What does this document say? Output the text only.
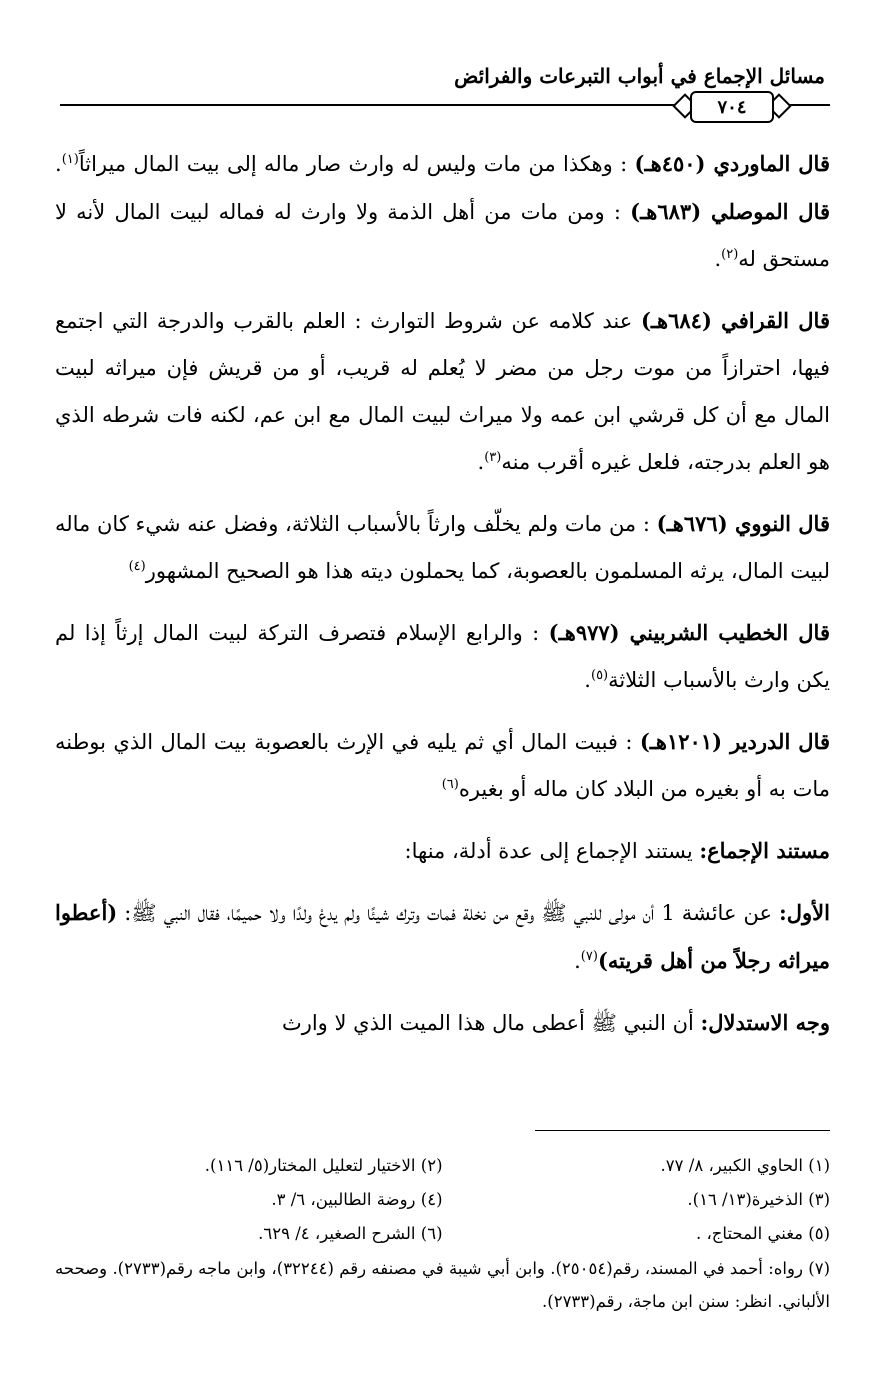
مسائل الإجماع في أبواب التبرعات والفرائض
٧٠٤

قال الماوردي (٤٥٠هـ) : وهكذا من مات وليس له وارث صار ماله إلى بيت المال ميراثاً$^{(١)}$. قال الموصلي (٦٨٣هـ) : ومن مات من أهل الذمة ولا وارث له فماله لبيت المال لأنه لا مستحق له$^{(٢)}$.

قال القرافي (٦٨٤هـ) عند كلامه عن شروط التوارث : العلم بالقرب والدرجة التي اجتمع فيها، احترازاً من موت رجل من مضر لا يُعلم له قريب، أو من قريش فإن ميراثه لبيت المال مع أن كل قرشي ابن عمه ولا ميراث لبيت المال مع ابن عم، لكنه فات شرطه الذي هو العلم بدرجته، فلعل غيره أقرب منه$^{(٣)}$.

قال النووي (٦٧٦هـ) : من مات ولم يخلّف وارثاً بالأسباب الثلاثة، وفضل عنه شيء كان ماله لبيت المال، يرثه المسلمون بالعصوبة، كما يحملون ديته هذا هو الصحيح المشهور$^{(٤)}$

قال الخطيب الشربيني (٩٧٧هـ) : والرابع الإسلام فتصرف التركة لبيت المال إرثاً إذا لم يكن وارث بالأسباب الثلاثة$^{(٥)}$.

قال الدردير (١٢٠١هـ) : فبيت المال أي ثم يليه في الإرث بالعصوبة بيت المال الذي بوطنه مات به أو بغيره من البلاد كان ماله أو بغيره$^{(٦)}$

مستند الإجماع: يستند الإجماع إلى عدة أدلة، منها:

الأول: عن عائشة 1 أن مولى للنبي ﷺ وقع من نخلة فمات وترك شيئًا ولم يدعْ ولدًا ولا حميمًا، فقال النبي ﷺ: (أعطوا ميراثه رجلاً من أهل قريته)$^{(٧)}$.

وجه الاستدلال: أن النبي ﷺ أعطى مال هذا الميت الذي لا وارث

(١) الحاوي الكبير، ٨/ ٧٧.
(٢) الاختيار لتعليل المختار(٥/ ١١٦).
(٣) الذخيرة(١٣/ ١٦).
(٤) روضة الطالبين، ٦/ ٣.
(٥) مغني المحتاج، .
(٦) الشرح الصغير، ٤/ ٦٢٩.
(٧) رواه: أحمد في المسند، رقم(٢٥٠٥٤). وابن أبي شيبة في مصنفه رقم (٣٢٢٤٤)، وابن ماجه رقم(٢٧٣٣). وصححه الألباني. انظر: سنن ابن ماجة، رقم(٢٧٣٣).
